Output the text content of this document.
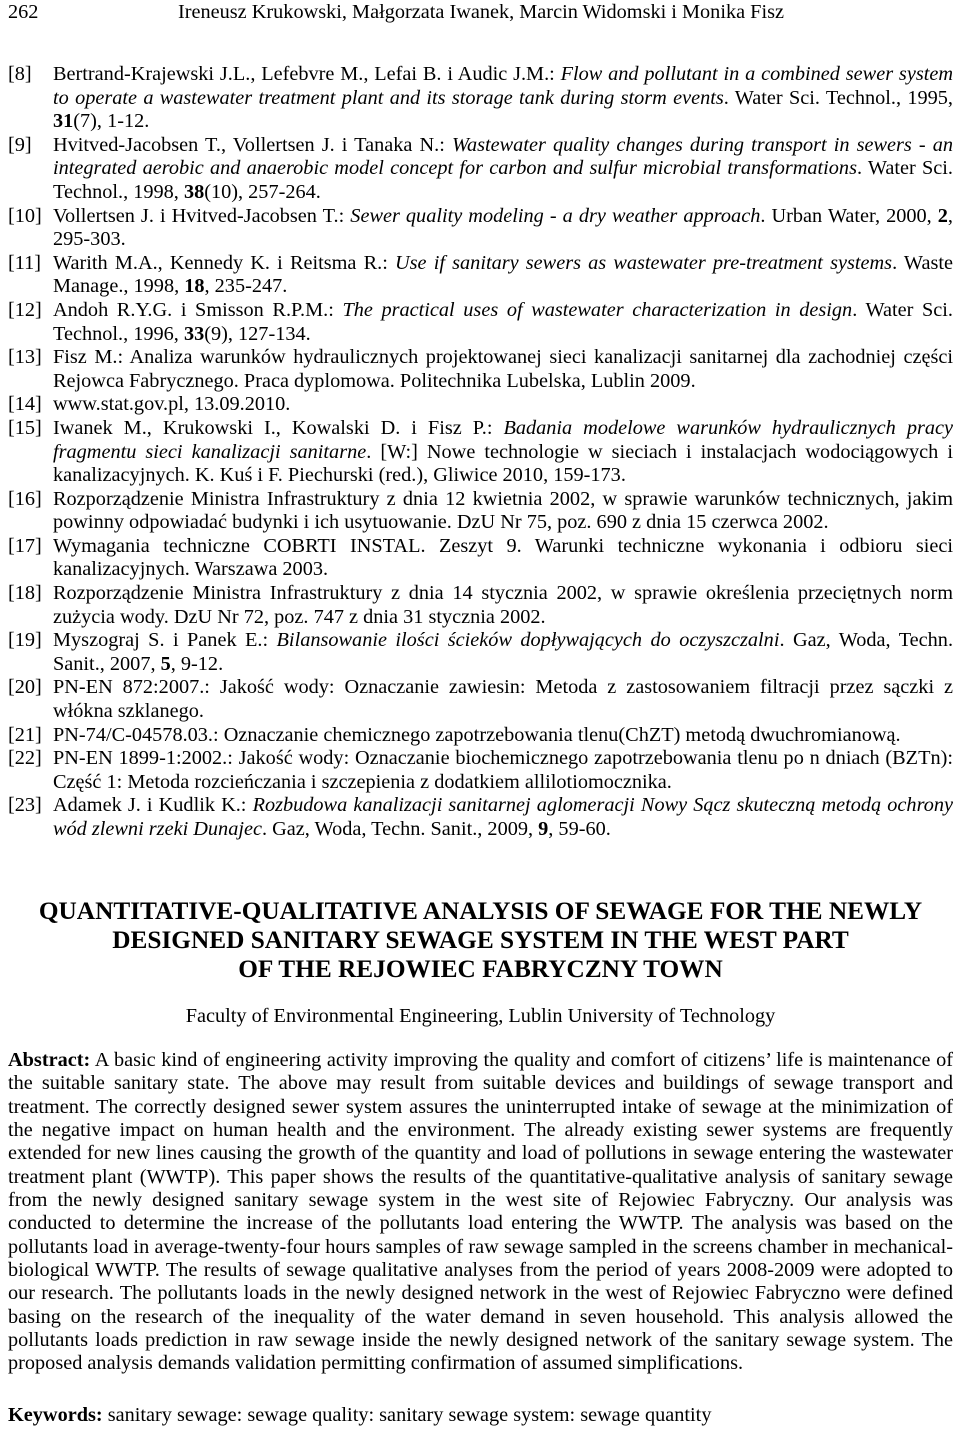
262	Ireneusz Krukowski, Małgorzata Iwanek, Marcin Widomski i Monika Fisz
[8] Bertrand-Krajewski J.L., Lefebvre M., Lefai B. i Audic J.M.: Flow and pollutant in a combined sewer system to operate a wastewater treatment plant and its storage tank during storm events. Water Sci. Technol., 1995, 31(7), 1-12.
[9] Hvitved-Jacobsen T., Vollertsen J. i Tanaka N.: Wastewater quality changes during transport in sewers - an integrated aerobic and anaerobic model concept for carbon and sulfur microbial transformations. Water Sci. Technol., 1998, 38(10), 257-264.
[10] Vollertsen J. i Hvitved-Jacobsen T.: Sewer quality modeling - a dry weather approach. Urban Water, 2000, 2, 295-303.
[11] Warith M.A., Kennedy K. i Reitsma R.: Use if sanitary sewers as wastewater pre-treatment systems. Waste Manage., 1998, 18, 235-247.
[12] Andoh R.Y.G. i Smisson R.P.M.: The practical uses of wastewater characterization in design. Water Sci. Technol., 1996, 33(9), 127-134.
[13] Fisz M.: Analiza warunków hydraulicznych projektowanej sieci kanalizacji sanitarnej dla zachodniej części Rejowca Fabrycznego. Praca dyplomowa. Politechnika Lubelska, Lublin 2009.
[14] www.stat.gov.pl, 13.09.2010.
[15] Iwanek M., Krukowski I., Kowalski D. i Fisz P.: Badania modelowe warunków hydraulicznych pracy fragmentu sieci kanalizacji sanitarne. [W:] Nowe technologie w sieciach i instalacjach wodociągowych i kanalizacyjnych. K. Kuś i F. Piechurski (red.), Gliwice 2010, 159-173.
[16] Rozporządzenie Ministra Infrastruktury z dnia 12 kwietnia 2002, w sprawie warunków technicznych, jakim powinny odpowiadać budynki i ich usytuowanie. DzU Nr 75, poz. 690 z dnia 15 czerwca 2002.
[17] Wymagania techniczne COBRTI INSTAL. Zeszyt 9. Warunki techniczne wykonania i odbioru sieci kanalizacyjnych. Warszawa 2003.
[18] Rozporządzenie Ministra Infrastruktury z dnia 14 stycznia 2002, w sprawie określenia przeciętnych norm zużycia wody. DzU Nr 72, poz. 747 z dnia 31 stycznia 2002.
[19] Myszograj S. i Panek E.: Bilansowanie ilości ścieków dopływających do oczyszczalni. Gaz, Woda, Techn. Sanit., 2007, 5, 9-12.
[20] PN-EN 872:2007.: Jakość wody: Oznaczanie zawiesin: Metoda z zastosowaniem filtracji przez sączki z włókna szklanego.
[21] PN-74/C-04578.03.: Oznaczanie chemicznego zapotrzebowania tlenu(ChZT) metodą dwuchromianową.
[22] PN-EN 1899-1:2002.: Jakość wody: Oznaczanie biochemicznego zapotrzebowania tlenu po n dniach (BZTn): Część 1: Metoda rozcieńczania i szczepienia z dodatkiem allilotiomocznika.
[23] Adamek J. i Kudlik K.: Rozbudowa kanalizacji sanitarnej aglomeracji Nowy Sącz skuteczną metodą ochrony wód zlewni rzeki Dunajec. Gaz, Woda, Techn. Sanit., 2009, 9, 59-60.
QUANTITATIVE-QUALITATIVE ANALYSIS OF SEWAGE FOR THE NEWLY
DESIGNED SANITARY SEWAGE SYSTEM IN THE WEST PART
OF THE REJOWIEC FABRYCZNY TOWN
Faculty of Environmental Engineering, Lublin University of Technology
Abstract: A basic kind of engineering activity improving the quality and comfort of citizens’ life is maintenance of the suitable sanitary state. The above may result from suitable devices and buildings of sewage transport and treatment. The correctly designed sewer system assures the uninterrupted intake of sewage at the minimization of the negative impact on human health and the environment. The already existing sewer systems are frequently extended for new lines causing the growth of the quantity and load of pollutions in sewage entering the wastewater treatment plant (WWTP). This paper shows the results of the quantitative-qualitative analysis of sanitary sewage from the newly designed sanitary sewage system in the west site of Rejowiec Fabryczny. Our analysis was conducted to determine the increase of the pollutants load entering the WWTP. The analysis was based on the pollutants load in average-twenty-four hours samples of raw sewage sampled in the screens chamber in mechanical-biological WWTP. The results of sewage qualitative analyses from the period of years 2008-2009 were adopted to our research. The pollutants loads in the newly designed network in the west of Rejowiec Fabryczno were defined basing on the research of the inequality of the water demand in seven household. This analysis allowed the pollutants loads prediction in raw sewage inside the newly designed network of the sanitary sewage system. The proposed analysis demands validation permitting confirmation of assumed simplifications.
Keywords: sanitary sewage: sewage quality: sanitary sewage system: sewage quantity
